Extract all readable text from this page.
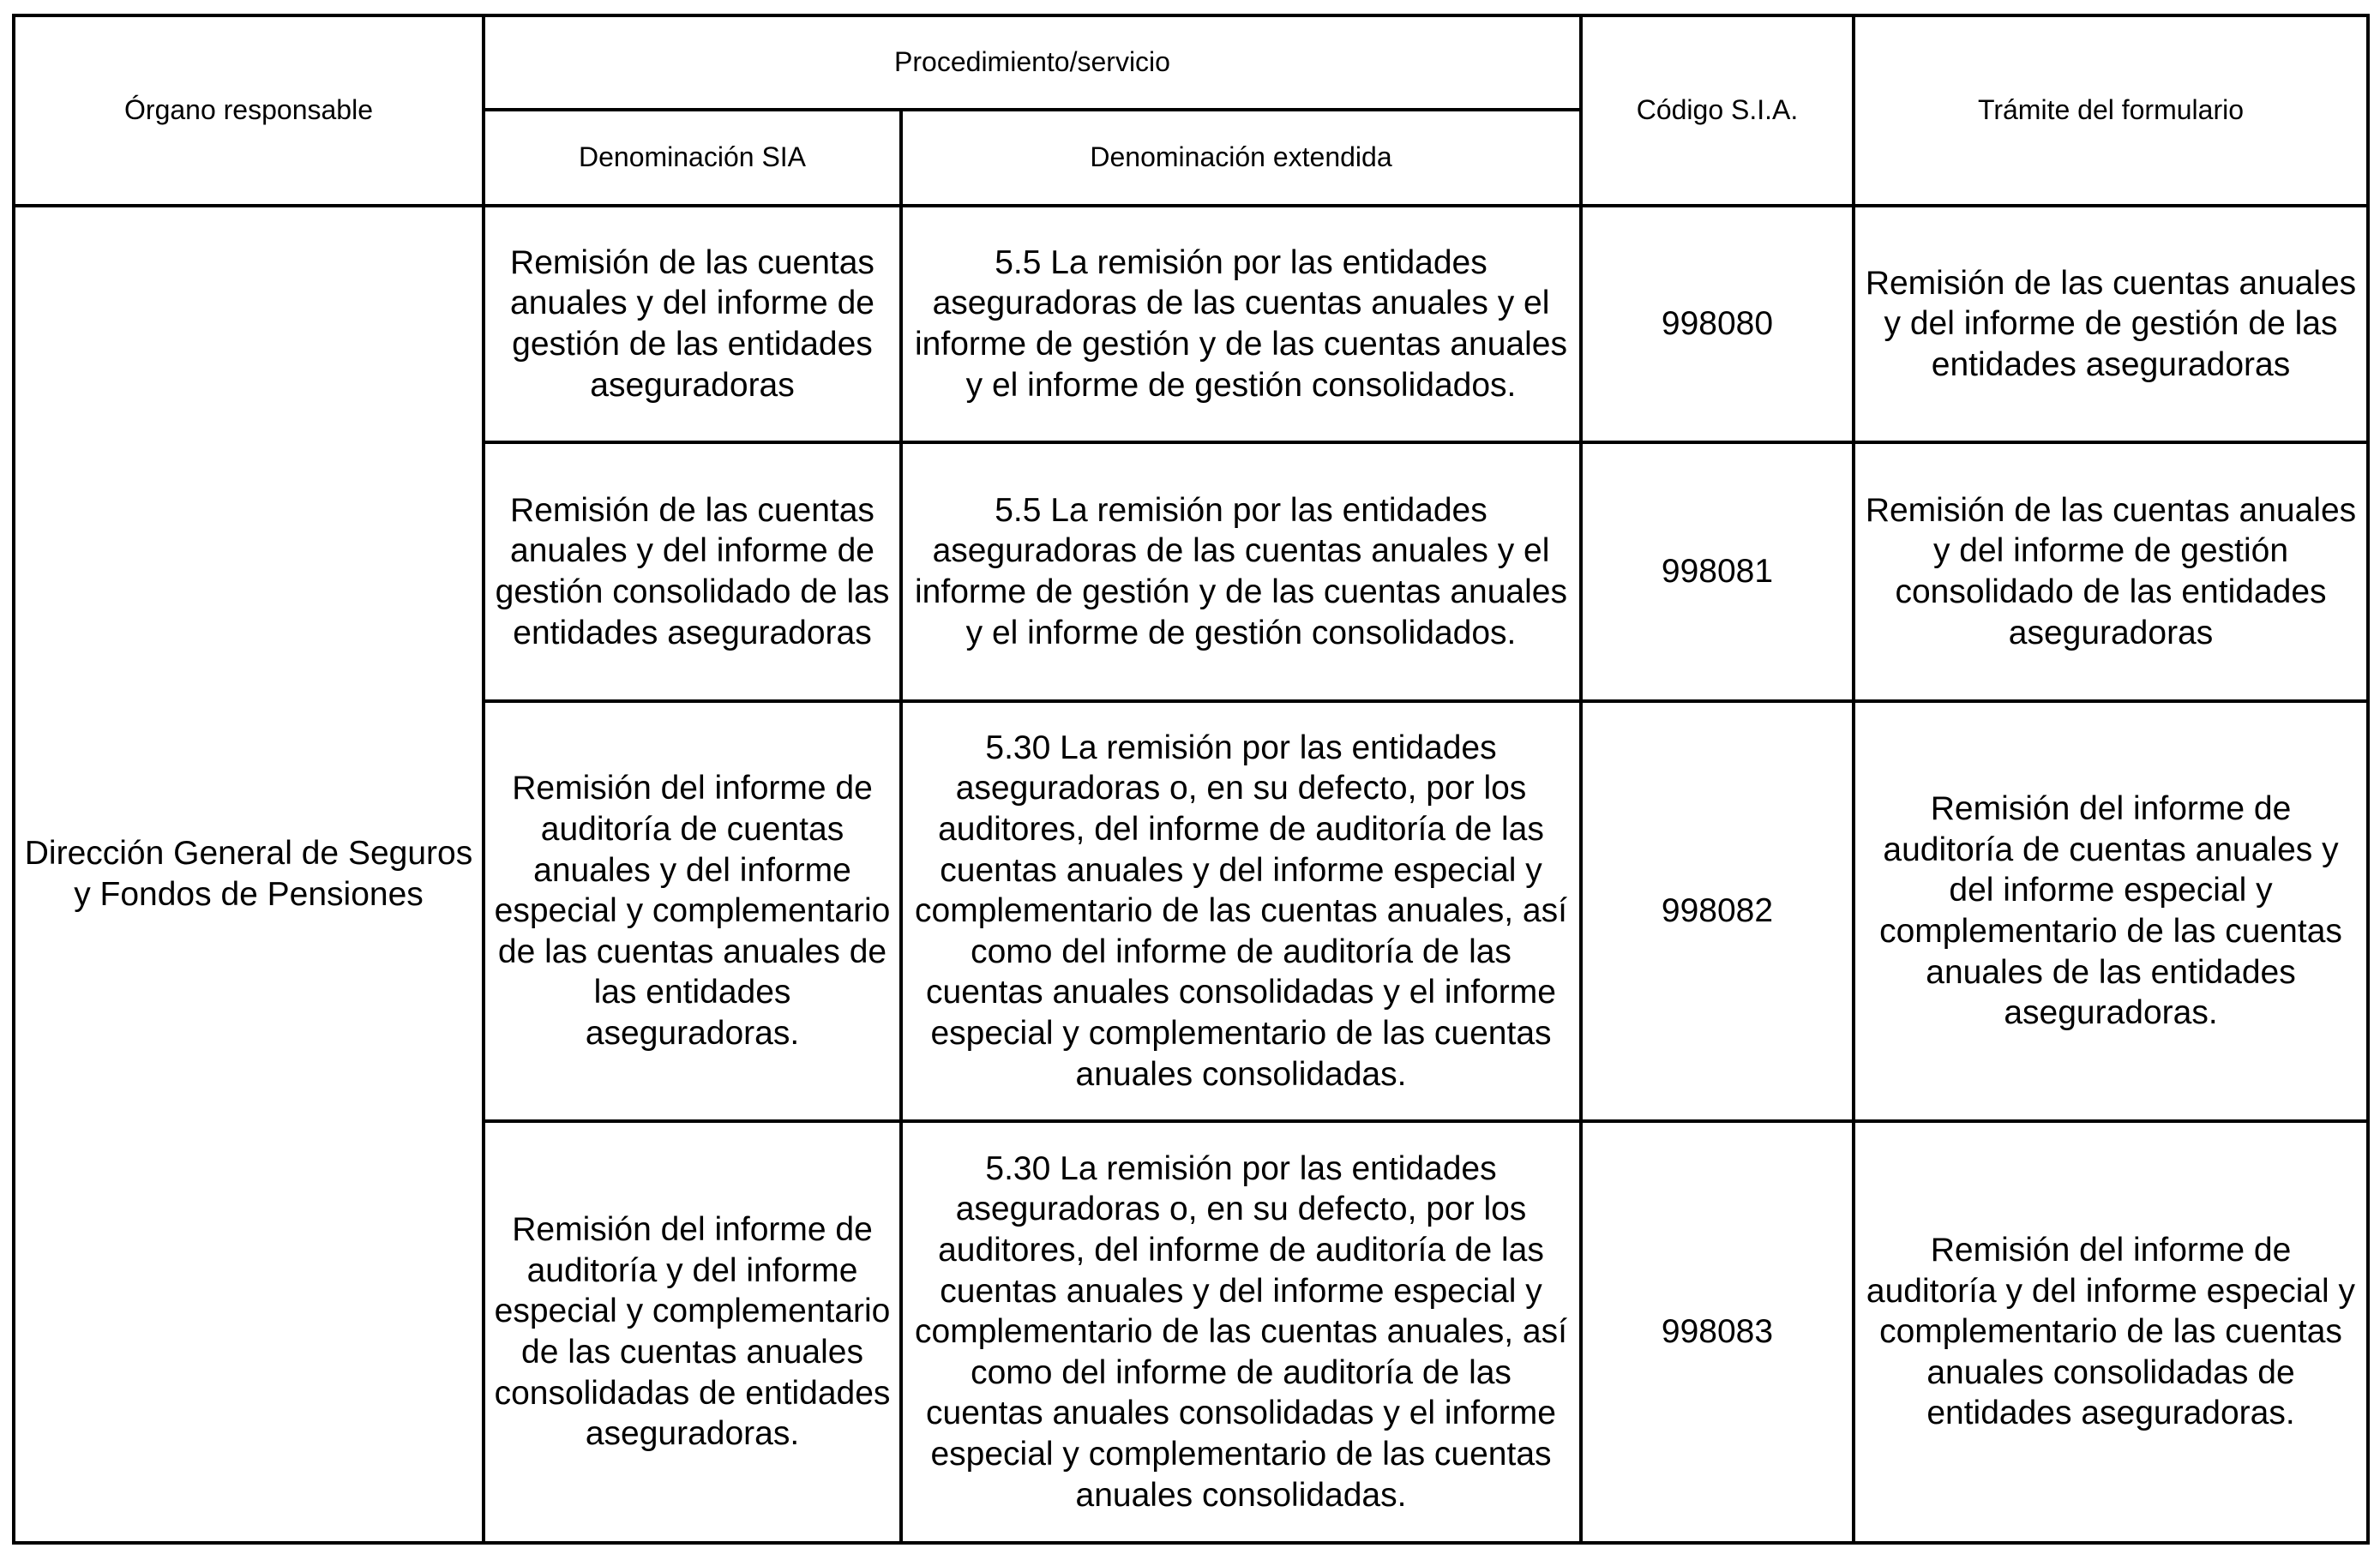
Órgano responsable	Procedimiento/servicio		Código S.I.A.	Trámite del formulario
	Denominación SIA	Denominación extendida		
Dirección General de Seguros y Fondos de Pensiones	Remisión de las cuentas anuales y del informe de gestión de las entidades aseguradoras	5.5 La remisión por las entidades aseguradoras de las cuentas anuales y el informe de gestión y de las cuentas anuales y el informe de gestión consolidados.	998080	Remisión de las cuentas anuales y del informe de gestión de las entidades aseguradoras
	Remisión de las cuentas anuales y del informe de gestión consolidado de las entidades aseguradoras	5.5 La remisión por las entidades aseguradoras de las cuentas anuales y el informe de gestión y de las cuentas anuales y el informe de gestión consolidados.	998081	Remisión de las cuentas anuales y del informe de gestión consolidado de las entidades aseguradoras
	Remisión del informe de auditoría de cuentas anuales y del informe especial y complementario de las cuentas anuales de las entidades aseguradoras.	5.30 La remisión por las entidades aseguradoras o, en su defecto, por los auditores, del informe de auditoría de las cuentas anuales y del informe especial y complementario de las cuentas anuales, así como del informe de auditoría de las cuentas anuales consolidadas y el informe especial y complementario de las cuentas anuales consolidadas.	998082	Remisión del informe de auditoría de cuentas anuales y del informe especial y complementario de las cuentas anuales de las entidades aseguradoras.
	Remisión del informe de auditoría y del informe especial y complementario de las cuentas anuales consolidadas de entidades aseguradoras.	5.30 La remisión por las entidades aseguradoras o, en su defecto, por los auditores, del informe de auditoría de las cuentas anuales y del informe especial y complementario de las cuentas anuales, así como del informe de auditoría de las cuentas anuales consolidadas y el informe especial y complementario de las cuentas anuales consolidadas.	998083	Remisión del informe de auditoría y del informe especial y complementario de las cuentas anuales consolidadas de entidades aseguradoras.
